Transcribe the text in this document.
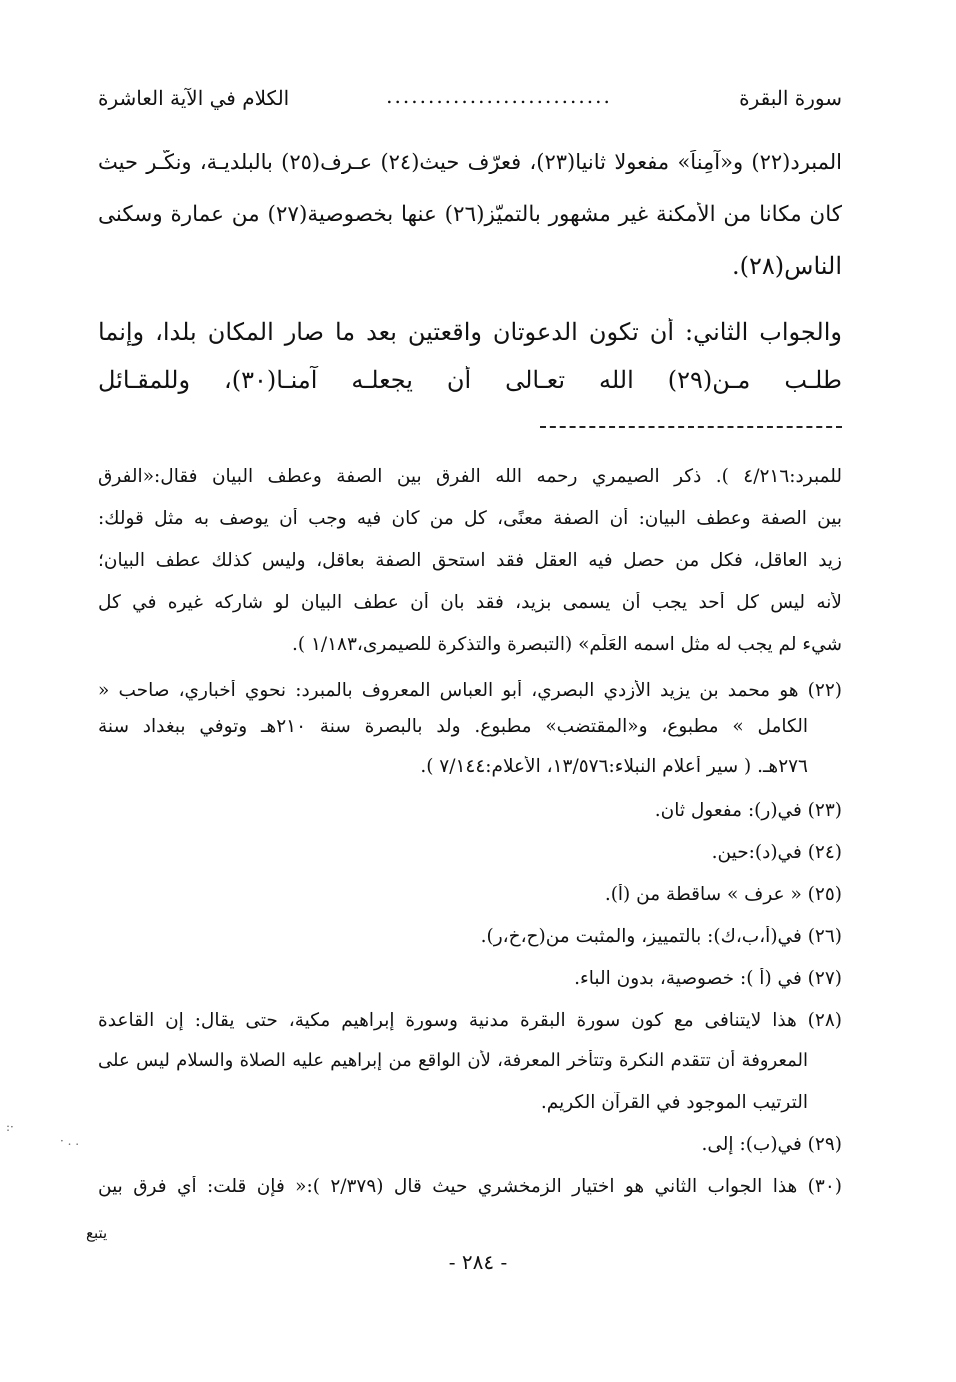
سورة البقرة
...........................
الكلام في الآية العاشرة
المبرد(٢٢) و«آمِناً» مفعولا ثانيا(٢٣)، فعرّف حيث(٢٤) عـرف(٢٥) بالبلديـة، ونكّـر حيث
كان مكانا من الأمكنة غير مشهور بالتميّز(٢٦) عنها بخصوصية(٢٧) من عمارة وسكنى
الناس(٢٨).
والجواب الثاني: أن تكون الدعوتان واقعتين بعد ما صار المكان بلدا، وإنما
طلـب مـن(٢٩) الله تعـالى أن يجعلـه آمنـا(٣٠)، وللمقـائل
للمبرد:٤/٢١٦ ). ذكر الصيمري رحمه الله الفرق بين الصفة وعطف البيان فقال:«الفرق
بين الصفة وعطف البيان: أن الصفة معنًى، كل من كان فيه وجب أن يوصف به مثل قولك:
زيد العاقل، فكل من حصل فيه العقل فقد استحق الصفة بعاقل، وليس كذلك عطف البيان؛
لأنه ليس كل أحد يجب أن يسمى بزيد، فقد بان أن عطف البيان لو شاركه غيره في كل
شيء لم يجب له مثل اسمه العَلَم» (التبصرة والتذكرة للصيمرى،١/١٨٣ ).
(٢٢) هو محمد بن يزيد الأزدي البصري، أبو العباس المعروف بالمبرد: نحوي أخباري، صاحب «
الكامل » مطبوع، و«المقتضب» مطبوع. ولد بالبصرة سنة ٢١٠هـ وتوفي ببغداد سنة
٢٧٦هـ. ( سير أعلام النبلاء:١٣/٥٧٦، الأعلام:٧/١٤٤ ).
(٢٣) في(ر): مفعول ثان.
(٢٤) في(د):حين.
(٢٥) « عرف » ساقطة من (أ).
(٢٦) في(أ،ب،ك): بالتمييز، والمثبت من(ح،خ،ر).
(٢٧) في (أ ): خصوصية، بدون الباء.
(٢٨) هذا لايتنافى مع كون سورة البقرة مدنية وسورة إبراهيم مكية، حتى يقال: إن القاعدة
المعروفة أن تتقدم النكرة وتتأخر المعرفة، لأن الواقع من إبراهيم عليه الصلاة والسلام ليس على
الترتيب الموجود في القرآن الكريم.
(٢٩) في(ب): إلى.
(٣٠) هذا الجواب الثاني هو اختيار الزمخشري حيث قال (٢/٣٧٩ ):« فإن قلت: أي فرق بين
يتبع
- ٢٨٤ -
·:
. . ·
